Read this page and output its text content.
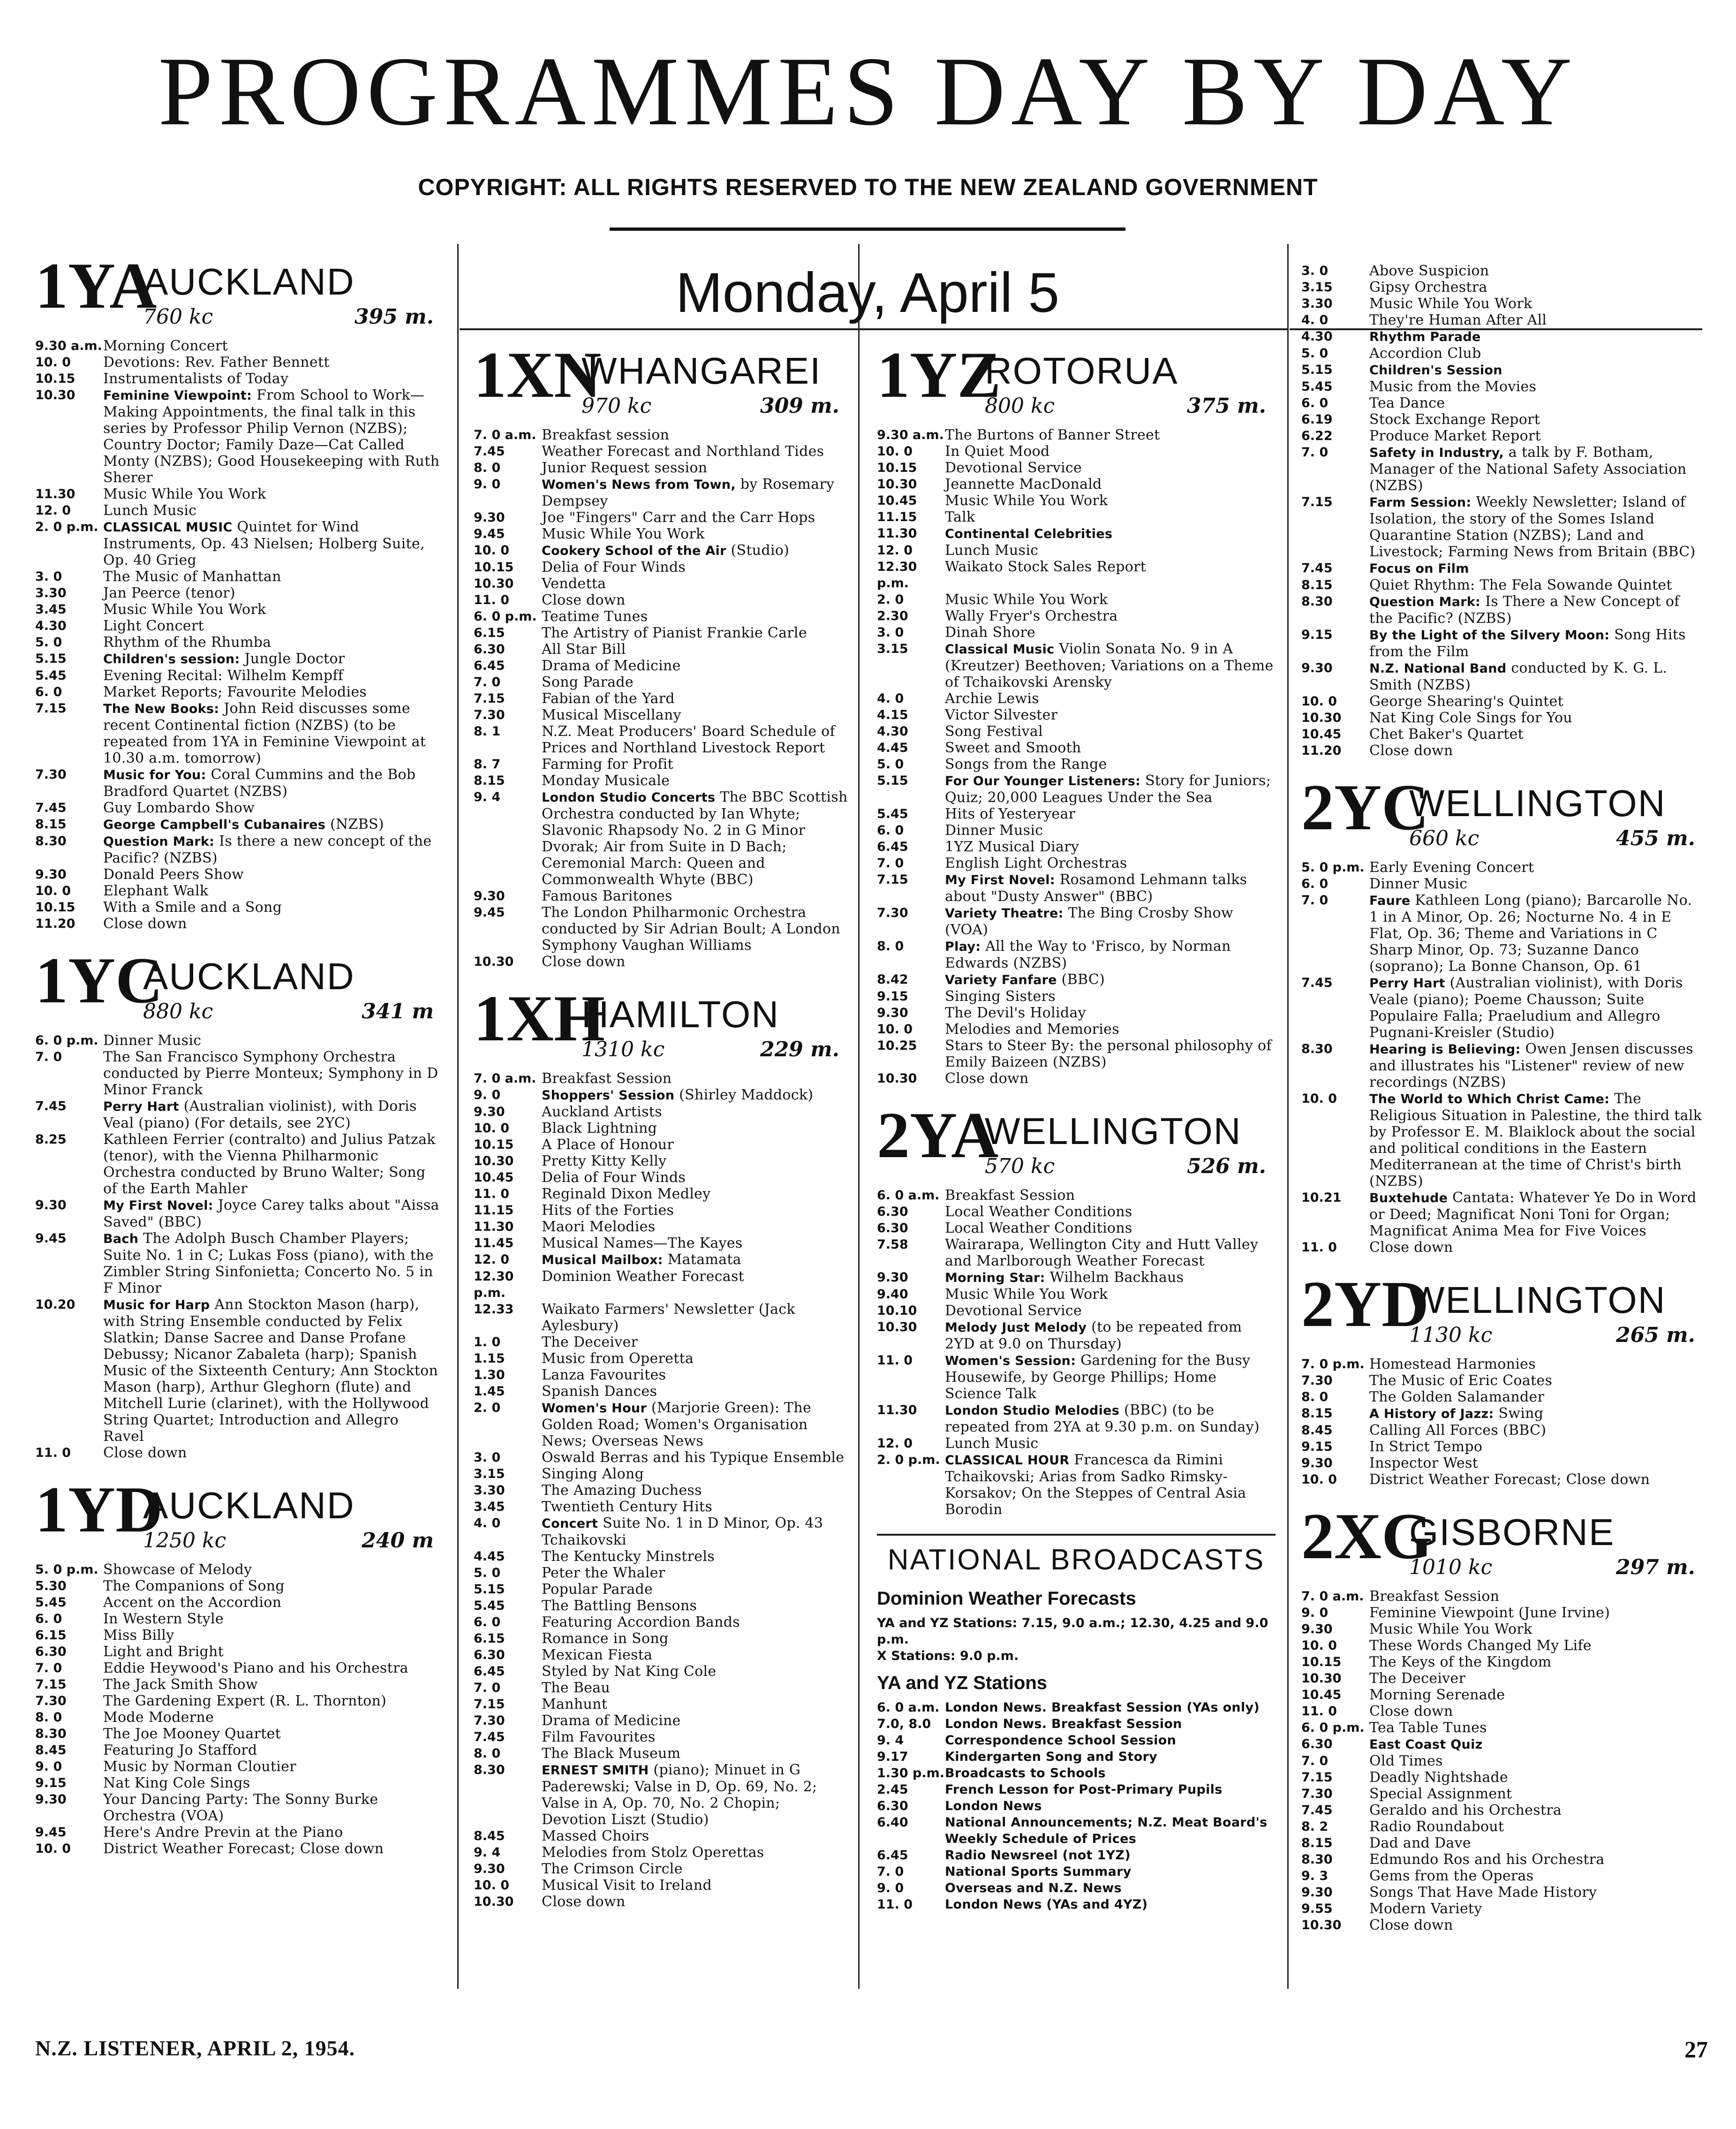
PROGRAMMES DAY BY DAY
COPYRIGHT: ALL RIGHTS RESERVED TO THE NEW ZEALAND GOVERNMENT
Monday, April 5
1YA
AUCKLAND
760 kc	395 m.
9.30 a.m. Morning Concert
10. 0	Devotions: Rev. Father Bennett
10.15	Instrumentalists of Today
10.30	Feminine Viewpoint: From School to Work—Making Appointments, the final talk in this series by Professor Philip Vernon (NZBS); Country Doctor; Family Daze—Cat Called Monty (NZBS); Good Housekeeping with Ruth Sherer
11.30	Music While You Work
12. 0	Lunch Music
2. 0 p.m. CLASSICAL MUSIC Quintet for Wind Instruments, Op. 43 Nielsen; Holberg Suite, Op. 40 Grieg
3. 0	The Music of Manhattan
3.30	Jan Peerce (tenor)
3.45	Music While You Work
4.30	Light Concert
5. 0	Rhythm of the Rhumba
5.15	Children's session: Jungle Doctor
5.45	Evening Recital: Wilhelm Kempff
6. 0	Market Reports; Favourite Melodies
7.15	The New Books: John Reid discusses some recent Continental fiction (NZBS) (to be repeated from 1YA in Feminine Viewpoint at 10.30 a.m. tomorrow)
7.30	Music for You: Coral Cummins and the Bob Bradford Quartet (NZBS)
7.45	Guy Lombardo Show
8.15	George Campbell's Cubanaires (NZBS)
8.30	Question Mark: Is there a new concept of the Pacific? (NZBS)
9.30	Donald Peers Show
10. 0	Elephant Walk
10.15	With a Smile and a Song
11.20	Close down
1YC
AUCKLAND
880 kc	341 m
6. 0 p.m. Dinner Music
7. 0	The San Francisco Symphony Orchestra conducted by Pierre Monteux; Symphony in D Minor Franck
7.45	Perry Hart (Australian violinist), with Doris Veal (piano) (For details, see 2YC)
8.25	Kathleen Ferrier (contralto) and Julius Patzak (tenor), with the Vienna Philharmonic Orchestra conducted by Bruno Walter; Song of the Earth Mahler
9.30	My First Novel: Joyce Carey talks about "Aissa Saved" (BBC)
9.45	Bach The Adolph Busch Chamber Players; Suite No. 1 in C; Lukas Foss (piano), with the Zimbler String Sinfonietta; Concerto No. 5 in F Minor
10.20	Music for Harp Ann Stockton Mason (harp), with String Ensemble conducted by Felix Slatkin; Danse Sacree and Danse Profane Debussy; Nicanor Zabaleta (harp); Spanish Music of the Sixteenth Century; Ann Stockton Mason (harp), Arthur Gleghorn (flute) and Mitchell Lurie (clarinet), with the Hollywood String Quartet; Introduction and Allegro Ravel
11. 0	Close down
1YD
AUCKLAND
1250 kc	240 m
5. 0 p.m. Showcase of Melody
5.30	The Companions of Song
5.45	Accent on the Accordion
6. 0	In Western Style
6.15	Miss Billy
6.30	Light and Bright
7. 0	Eddie Heywood's Piano and his Orchestra
7.15	The Jack Smith Show
7.30	The Gardening Expert (R. L. Thornton)
8. 0	Mode Moderne
8.30	The Joe Mooney Quartet
8.45	Featuring Jo Stafford
9. 0	Music by Norman Cloutier
9.15	Nat King Cole Sings
9.30	Your Dancing Party: The Sonny Burke Orchestra (VOA)
9.45	Here's Andre Previn at the Piano
10. 0	District Weather Forecast; Close down
1XN
WHANGAREI
970 kc	309 m.
7. 0 a.m. Breakfast session
7.45	Weather Forecast and Northland Tides
8. 0	Junior Request session
9. 0	Women's News from Town, by Rosemary Dempsey
9.30	Joe "Fingers" Carr and the Carr Hops
9.45	Music While You Work
10. 0	Cookery School of the Air (Studio)
10.15	Delia of Four Winds
10.30	Vendetta
11. 0	Close down
6. 0 p.m. Teatime Tunes
6.15	The Artistry of Pianist Frankie Carle
6.30	All Star Bill
6.45	Drama of Medicine
7. 0	Song Parade
7.15	Fabian of the Yard
7.30	Musical Miscellany
8. 1	N.Z. Meat Producers' Board Schedule of Prices and Northland Livestock Report
8. 7	Farming for Profit
8.15	Monday Musicale
9. 4	London Studio Concerts The BBC Scottish Orchestra conducted by Ian Whyte; Slavonic Rhapsody No. 2 in G Minor Dvorak; Air from Suite in D Bach; Ceremonial March: Queen and Commonwealth Whyte (BBC)
9.30	Famous Baritones
9.45	The London Philharmonic Orchestra conducted by Sir Adrian Boult; A London Symphony Vaughan Williams
10.30	Close down
1XH
HAMILTON
1310 kc	229 m.
7. 0 a.m. Breakfast Session
9. 0	Shoppers' Session (Shirley Maddock)
9.30	Auckland Artists
10. 0	Black Lightning
10.15	A Place of Honour
10.30	Pretty Kitty Kelly
10.45	Delia of Four Winds
11. 0	Reginald Dixon Medley
11.15	Hits of the Forties
11.30	Maori Melodies
11.45	Musical Names—The Kayes
12. 0	Musical Mailbox: Matamata
12.30 p.m.
Dominion Weather Forecast
12.33	Waikato Farmers' Newsletter (Jack Aylesbury)
1. 0	The Deceiver
1.15	Music from Operetta
1.30	Lanza Favourites
1.45	Spanish Dances
2. 0	Women's Hour (Marjorie Green): The Golden Road; Women's Organisation News; Overseas News
3. 0	Oswald Berras and his Typique Ensemble
3.15	Singing Along
3.30	The Amazing Duchess
3.45	Twentieth Century Hits
4. 0	Concert Suite No. 1 in D Minor, Op. 43 Tchaikovski
4.45	The Kentucky Minstrels
5. 0	Peter the Whaler
5.15	Popular Parade
5.45	The Battling Bensons
6. 0	Featuring Accordion Bands
6.15	Romance in Song
6.30	Mexican Fiesta
6.45	Styled by Nat King Cole
7. 0	The Beau
7.15	Manhunt
7.30	Drama of Medicine
7.45	Film Favourites
8. 0	The Black Museum
8.30	ERNEST SMITH (piano); Minuet in G Paderewski; Valse in D, Op. 69, No. 2; Valse in A, Op. 70, No. 2 Chopin; Devotion Liszt (Studio)
8.45	Massed Choirs
9. 4	Melodies from Stolz Operettas
9.30	The Crimson Circle
10. 0	Musical Visit to Ireland
10.30	Close down
1YZ
ROTORUA
800 kc	375 m.
9.30 a.m. The Burtons of Banner Street
10. 0	In Quiet Mood
10.15	Devotional Service
10.30	Jeannette MacDonald
10.45	Music While You Work
11.15	Talk
11.30	Continental Celebrities
12. 0	Lunch Music
12.30 p.m.
Waikato Stock Sales Report
2. 0	Music While You Work
2.30	Wally Fryer's Orchestra
3. 0	Dinah Shore
3.15	Classical Music Violin Sonata No. 9 in A (Kreutzer) Beethoven; Variations on a Theme of Tchaikovski Arensky
4. 0	Archie Lewis
4.15	Victor Silvester
4.30	Song Festival
4.45	Sweet and Smooth
5. 0	Songs from the Range
5.15	For Our Younger Listeners: Story for Juniors; Quiz; 20,000 Leagues Under the Sea
5.45	Hits of Yesteryear
6. 0	Dinner Music
6.45	1YZ Musical Diary
7. 0	English Light Orchestras
7.15	My First Novel: Rosamond Lehmann talks about "Dusty Answer" (BBC)
7.30	Variety Theatre: The Bing Crosby Show (VOA)
8. 0	Play: All the Way to 'Frisco, by Norman Edwards (NZBS)
8.42	Variety Fanfare (BBC)
9.15	Singing Sisters
9.30	The Devil's Holiday
10. 0	Melodies and Memories
10.25	Stars to Steer By: the personal philosophy of Emily Baizeen (NZBS)
10.30	Close down
2YA
WELLINGTON
570 kc	526 m.
6. 0 a.m. Breakfast Session
6.30	Local Weather Conditions
6.30	Local Weather Conditions
7.58	Wairarapa, Wellington City and Hutt Valley and Marlborough Weather Forecast
9.30	Morning Star: Wilhelm Backhaus
9.40	Music While You Work
10.10	Devotional Service
10.30	Melody Just Melody (to be repeated from 2YD at 9.0 on Thursday)
11. 0	Women's Session: Gardening for the Busy Housewife, by George Phillips; Home Science Talk
11.30	London Studio Melodies (BBC) (to be repeated from 2YA at 9.30 p.m. on Sunday)
12. 0	Lunch Music
2. 0 p.m. CLASSICAL HOUR Francesca da Rimini Tchaikovski; Arias from Sadko Rimsky-Korsakov; On the Steppes of Central Asia Borodin
NATIONAL BROADCASTS
Dominion Weather Forecasts
YA and YZ Stations: 7.15, 9.0 a.m.; 12.30, 4.25 and 9.0 p.m.
X Stations: 9.0 p.m.
YA and YZ Stations
6. 0 a.m. London News. Breakfast Session (YAs only)
7.0, 8.0	London News. Breakfast Session
9. 4	Correspondence School Session
9.17	Kindergarten Song and Story
1.30 p.m. Broadcasts to Schools
2.45	French Lesson for Post-Primary Pupils
6.30	London News
6.40	National Announcements; N.Z. Meat Board's Weekly Schedule of Prices
6.45	Radio Newsreel (not 1YZ)
7. 0	National Sports Summary
9. 0	Overseas and N.Z. News
11. 0	London News (YAs and 4YZ)
3. 0	Above Suspicion
3.15	Gipsy Orchestra
3.30	Music While You Work
4. 0	They're Human After All
4.30	Rhythm Parade
5. 0	Accordion Club
5.15	Children's Session
5.45	Music from the Movies
6. 0	Tea Dance
6.19	Stock Exchange Report
6.22	Produce Market Report
7. 0	Safety in Industry, a talk by F. Botham, Manager of the National Safety Association (NZBS)
7.15	Farm Session: Weekly Newsletter; Island of Isolation, the story of the Somes Island Quarantine Station (NZBS); Land and Livestock; Farming News from Britain (BBC)
7.45	Focus on Film
8.15	Quiet Rhythm: The Fela Sowande Quintet
8.30	Question Mark: Is There a New Concept of the Pacific? (NZBS)
9.15	By the Light of the Silvery Moon: Song Hits from the Film
9.30	N.Z. National Band conducted by K. G. L. Smith (NZBS)
10. 0	George Shearing's Quintet
10.30	Nat King Cole Sings for You
10.45	Chet Baker's Quartet
11.20	Close down
2YC
WELLINGTON
660 kc	455 m.
5. 0 p.m. Early Evening Concert
6. 0	Dinner Music
7. 0	Faure Kathleen Long (piano); Barcarolle No. 1 in A Minor, Op. 26; Nocturne No. 4 in E Flat, Op. 36; Theme and Variations in C Sharp Minor, Op. 73; Suzanne Danco (soprano); La Bonne Chanson, Op. 61
7.45	Perry Hart (Australian violinist), with Doris Veale (piano); Poeme Chausson; Suite Populaire Falla; Praeludium and Allegro Pugnani-Kreisler (Studio)
8.30	Hearing is Believing: Owen Jensen discusses and illustrates his "Listener" review of new recordings (NZBS)
10. 0	The World to Which Christ Came: The Religious Situation in Palestine, the third talk by Professor E. M. Blaiklock about the social and political conditions in the Eastern Mediterranean at the time of Christ's birth (NZBS)
10.21	Buxtehude Cantata: Whatever Ye Do in Word or Deed; Magnificat Noni Toni for Organ; Magnificat Anima Mea for Five Voices
11. 0	Close down
2YD
WELLINGTON
1130 kc	265 m.
7. 0 p.m. Homestead Harmonies
7.30	The Music of Eric Coates
8. 0	The Golden Salamander
8.15	A History of Jazz: Swing
8.45	Calling All Forces (BBC)
9.15	In Strict Tempo
9.30	Inspector West
10. 0	District Weather Forecast; Close down
2XG
GISBORNE
1010 kc	297 m.
7. 0 a.m. Breakfast Session
9. 0	Feminine Viewpoint (June Irvine)
9.30	Music While You Work
10. 0	These Words Changed My Life
10.15	The Keys of the Kingdom
10.30	The Deceiver
10.45	Morning Serenade
11. 0	Close down
6. 0 p.m. Tea Table Tunes
6.30	East Coast Quiz
7. 0	Old Times
7.15	Deadly Nightshade
7.30	Special Assignment
7.45	Geraldo and his Orchestra
8. 2	Radio Roundabout
8.15	Dad and Dave
8.30	Edmundo Ros and his Orchestra
9. 3	Gems from the Operas
9.30	Songs That Have Made History
9.55	Modern Variety
10.30	Close down
N.Z. LISTENER, APRIL 2, 1954.	27
